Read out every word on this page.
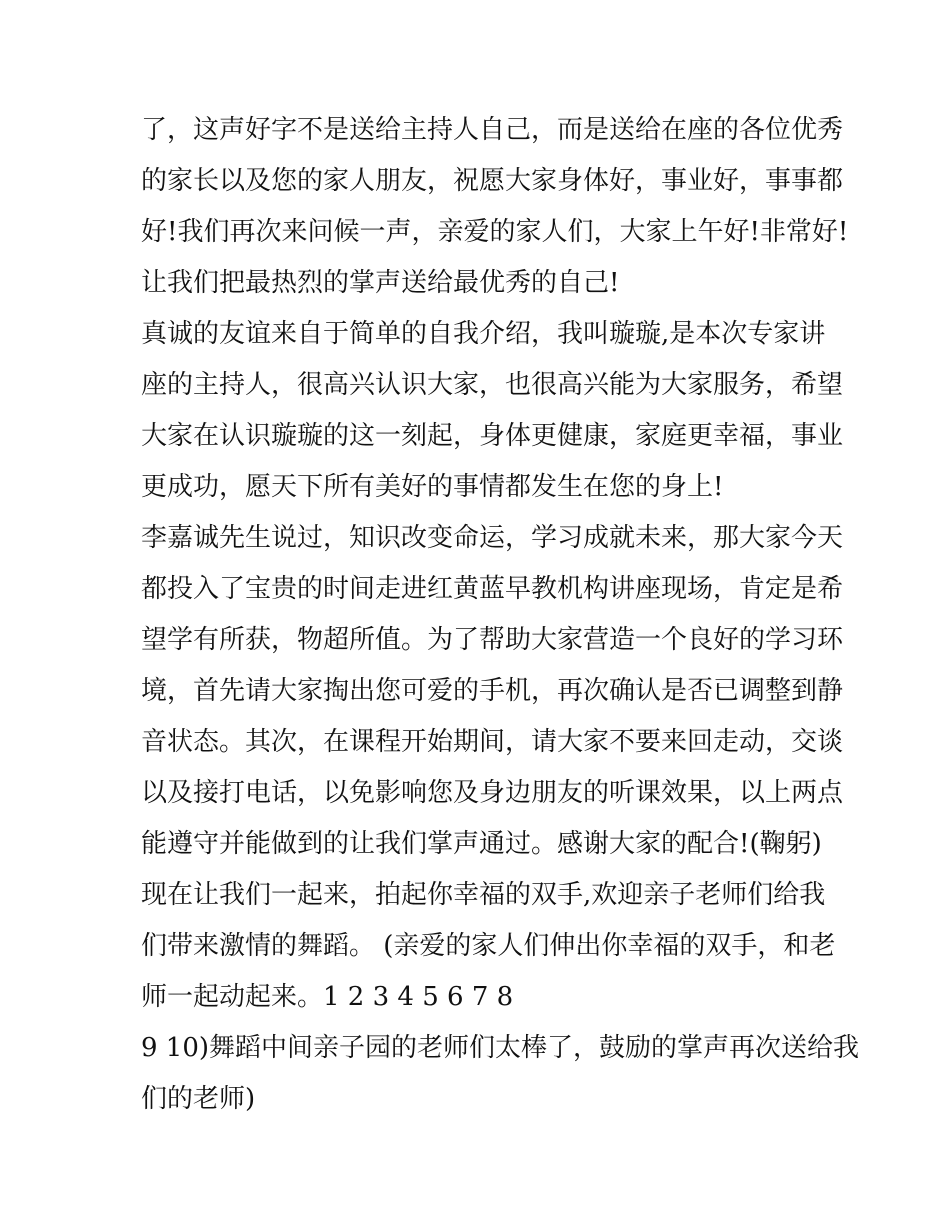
了，这声好字不是送给主持人自己，而是送给在座的各位优秀
的家长以及您的家人朋友，祝愿大家身体好，事业好，事事都
好!我们再次来问候一声，亲爱的家人们，大家上午好!非常好!
让我们把最热烈的掌声送给最优秀的自己!
真诚的友谊来自于简单的自我介绍，我叫璇璇,是本次专家讲
座的主持人，很高兴认识大家，也很高兴能为大家服务，希望
大家在认识璇璇的这一刻起，身体更健康，家庭更幸福，事业
更成功，愿天下所有美好的事情都发生在您的身上!
李嘉诚先生说过，知识改变命运，学习成就未来，那大家今天
都投入了宝贵的时间走进红黄蓝早教机构讲座现场，肯定是希
望学有所获，物超所值。为了帮助大家营造一个良好的学习环
境，首先请大家掏出您可爱的手机，再次确认是否已调整到静
音状态。其次，在课程开始期间，请大家不要来回走动，交谈
以及接打电话，以免影响您及身边朋友的听课效果，以上两点
能遵守并能做到的让我们掌声通过。感谢大家的配合!(鞠躬)
现在让我们一起来，拍起你幸福的双手,欢迎亲子老师们给我
们带来激情的舞蹈。 (亲爱的家人们伸出你幸福的双手，和老
师一起动起来。1 2 3 4 5 6 7 8
9 10)舞蹈中间亲子园的老师们太棒了，鼓励的掌声再次送给我
们的老师)
